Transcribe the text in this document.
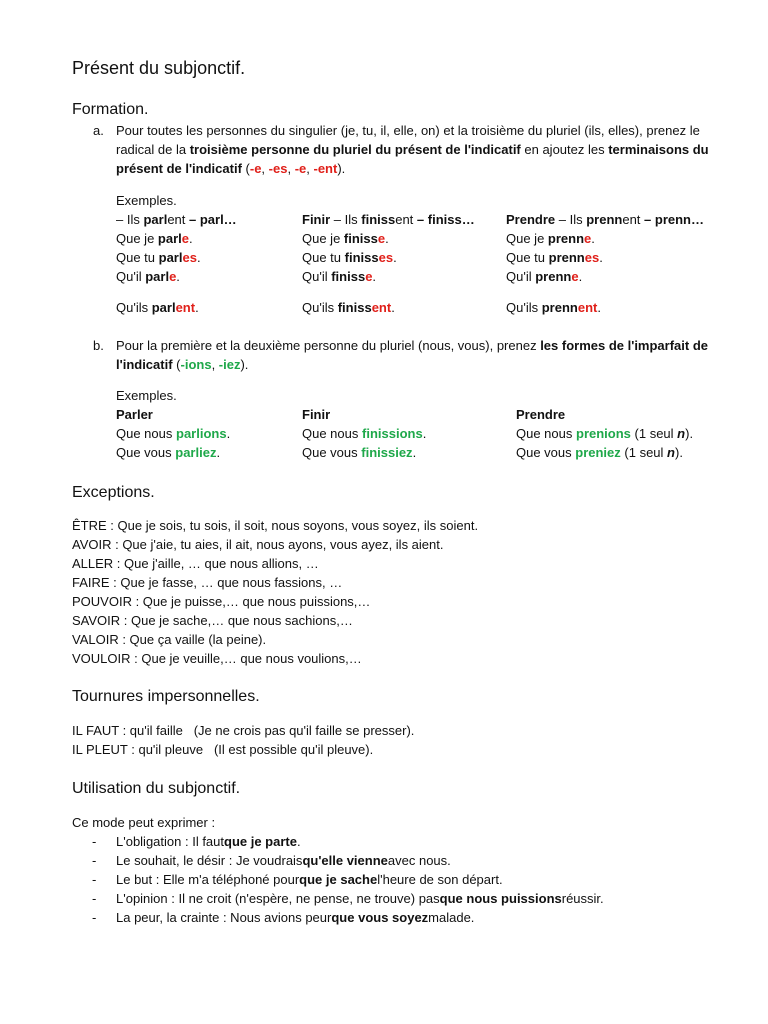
Présent du subjonctif.
Formation.
a. Pour toutes les personnes du singulier (je, tu, il, elle, on) et la troisième du pluriel (ils, elles), prenez le radical de la troisième personne du pluriel du présent de l'indicatif en ajoutez les terminaisons du présent de l'indicatif (-e, -es, -e, -ent).
Exemples.
– Ils parlent – parl…	Finir – Ils finissent – finiss…	Prendre – Ils prennent – prenn…
Que je parle.	Que je finisse.	Que je prenne.
Que tu parles.	Que tu finisses.	Que tu prennes.
Qu'il parle.	Qu'il finisse.	Qu'il prenne.
Qu'ils parlent.	Qu'ils finissent.	Qu'ils prennent.
b. Pour la première et la deuxième personne du pluriel (nous, vous), prenez les formes de l'imparfait de l'indicatif (-ions, -iez).
Exemples.
Parler	Finir	Prendre
Que nous parlions.	Que nous finissions.	Que nous prenions (1 seul n).
Que vous parliez.	Que vous finissiez.	Que vous preniez (1 seul n).
Exceptions.
ÊTRE : Que je sois, tu sois, il soit, nous soyons, vous soyez, ils soient.
AVOIR : Que j'aie, tu aies, il ait, nous ayons, vous ayez, ils aient.
ALLER : Que j'aille, … que nous allions, …
FAIRE : Que je fasse, … que nous fassions, …
POUVOIR : Que je puisse,… que nous puissions,…
SAVOIR : Que je sache,… que nous sachions,…
VALOIR : Que ça vaille (la peine).
VOULOIR : Que je veuille,… que nous voulions,…
Tournures impersonnelles.
IL FAUT : qu'il faille   (Je ne crois pas qu'il faille se presser).
IL PLEUT : qu'il pleuve   (Il est possible qu'il pleuve).
Utilisation du subjonctif.
Ce mode peut exprimer :
-	L'obligation : Il faut que je parte .
-	Le souhait, le désir : Je voudrais qu'elle vienne avec nous.
-	Le but : Elle m'a téléphoné pour que je sache l'heure de son départ.
-	L'opinion : Il ne croit (n'espère, ne pense, ne trouve) pas que nous puissions réussir.
-	La peur, la crainte : Nous avions peur que vous soyez malade.
